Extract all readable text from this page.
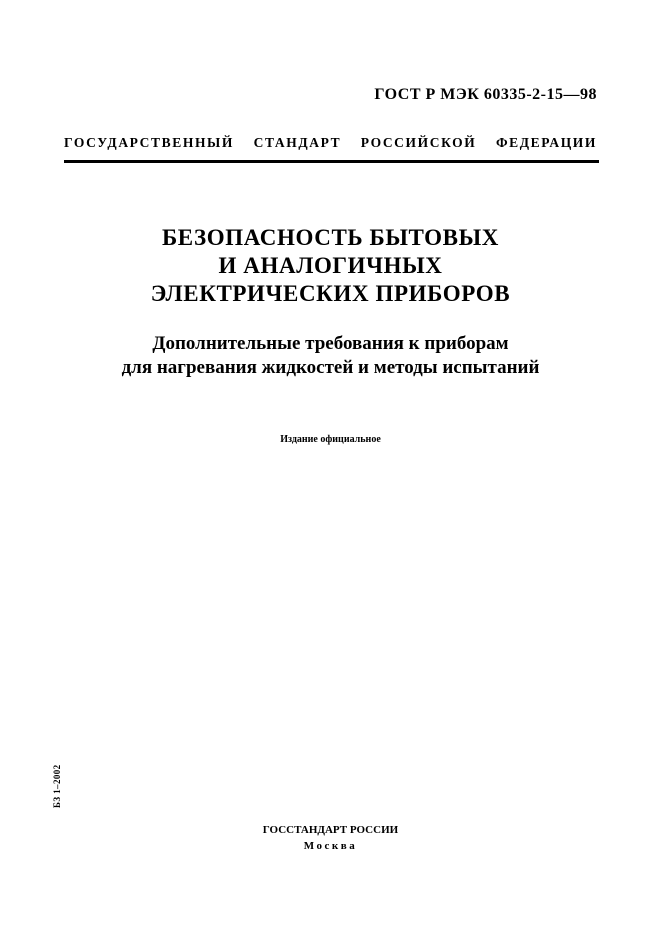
ГОСТ Р МЭК 60335-2-15—98
ГОСУДАРСТВЕННЫЙ СТАНДАРТ РОССИЙСКОЙ ФЕДЕРАЦИИ
БЕЗОПАСНОСТЬ БЫТОВЫХ
И АНАЛОГИЧНЫХ
ЭЛЕКТРИЧЕСКИХ ПРИБОРОВ
Дополнительные требования к приборам
для нагревания жидкостей и методы испытаний
Издание официальное
БЗ 1–2002
ГОССТАНДАРТ РОССИИ
Москва
